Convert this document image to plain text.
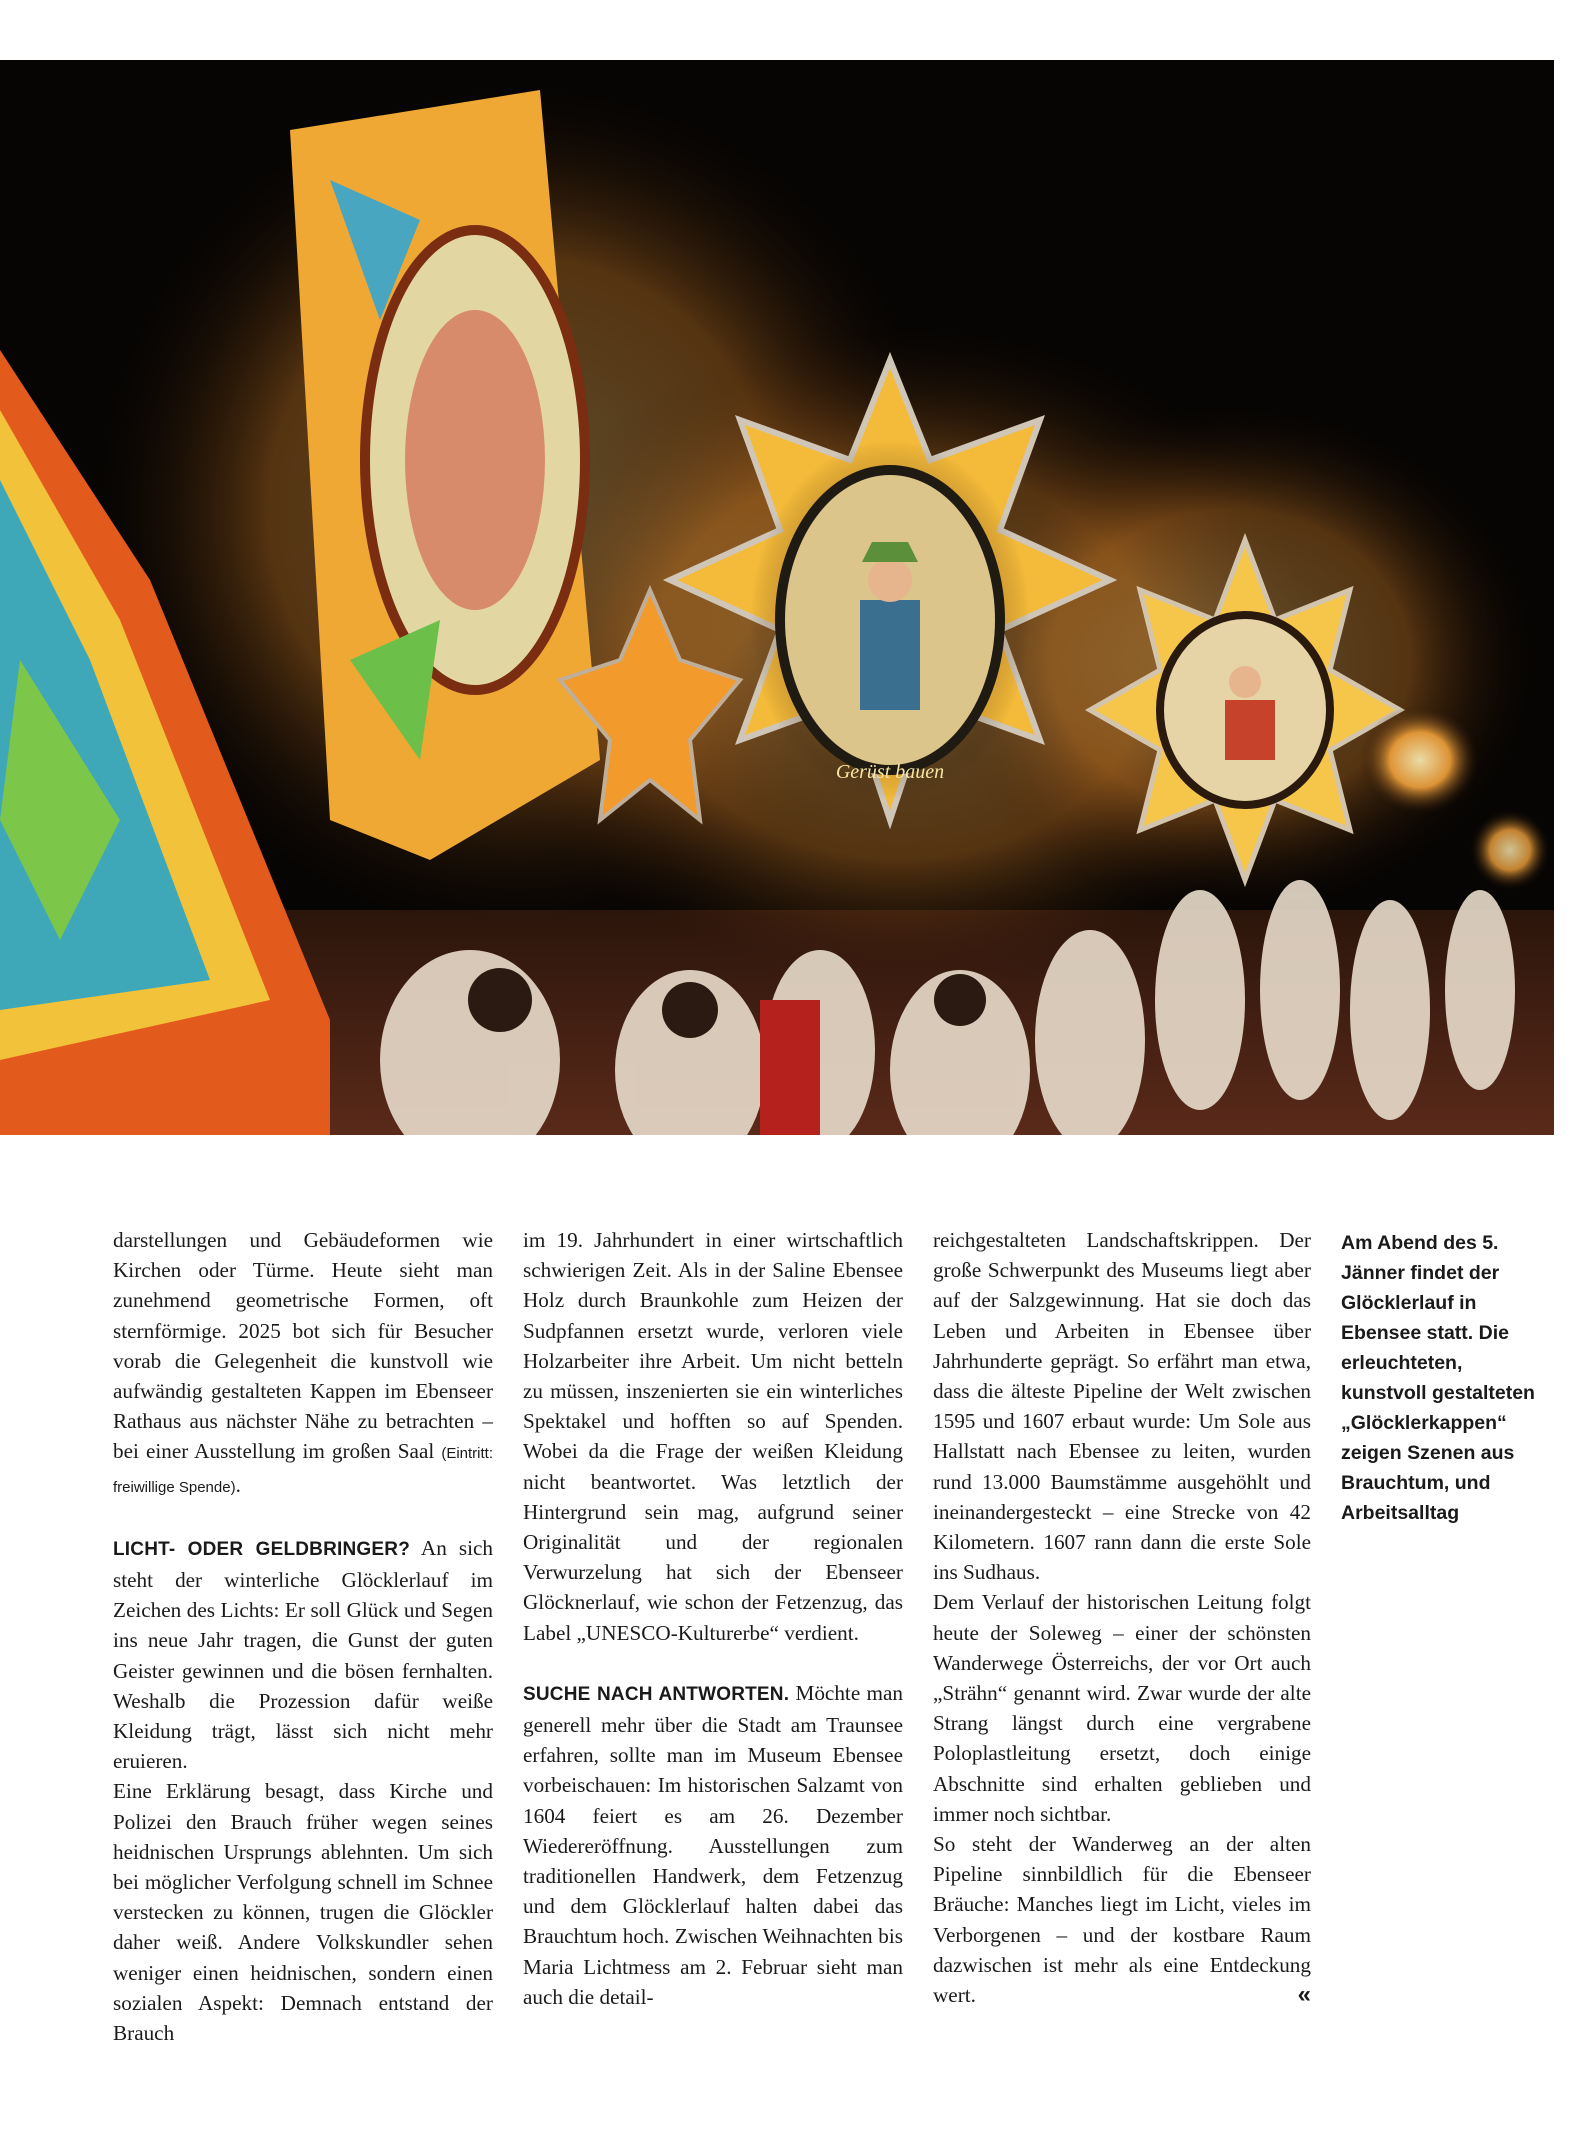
Gerüst bauen

darstellungen und Gebäudeformen wie Kirchen oder Türme. Heute sieht man zunehmend geometrische Formen, oft sternförmige. 2025 bot sich für Besucher vorab die Gelegenheit die kunstvoll wie aufwändig gestalteten Kappen im Ebenseer Rathaus aus nächster Nähe zu betrachten – bei einer Ausstellung im großen Saal (Eintritt: freiwillige Spende).

LICHT- ODER GELDBRINGER? An sich steht der winterliche Glöcklerlauf im Zeichen des Lichts: Er soll Glück und Segen ins neue Jahr tragen, die Gunst der guten Geister gewinnen und die bösen fernhalten. Weshalb die Prozession dafür weiße Kleidung trägt, lässt sich nicht mehr eruieren.

Eine Erklärung besagt, dass Kirche und Polizei den Brauch früher wegen seines heidnischen Ursprungs ablehnten. Um sich bei möglicher Verfolgung schnell im Schnee verstecken zu können, trugen die Glöckler daher weiß. Andere Volkskundler sehen weniger einen heidnischen, sondern einen sozialen Aspekt: Demnach entstand der Brauch

im 19. Jahrhundert in einer wirtschaftlich schwierigen Zeit. Als in der Saline Ebensee Holz durch Braunkohle zum Heizen der Sudpfannen ersetzt wurde, verloren viele Holzarbeiter ihre Arbeit. Um nicht betteln zu müssen, inszenierten sie ein winterliches Spektakel und hofften so auf Spenden. Wobei da die Frage der weißen Kleidung nicht beantwortet. Was letztlich der Hintergrund sein mag, aufgrund seiner Originalität und der regionalen Verwurzelung hat sich der Ebenseer Glöcknerlauf, wie schon der Fetzenzug, das Label „UNESCO-Kulturerbe“ verdient.

SUCHE NACH ANTWORTEN. Möchte man generell mehr über die Stadt am Traunsee erfahren, sollte man im Museum Ebensee vorbeischauen: Im historischen Salzamt von 1604 feiert es am 26. Dezember Wiedereröffnung. Ausstellungen zum traditionellen Handwerk, dem Fetzenzug und dem Glöcklerlauf halten dabei das Brauchtum hoch. Zwischen Weihnachten bis Maria Lichtmess am 2. Februar sieht man auch die detail-

reichgestalteten Landschaftskrippen. Der große Schwerpunkt des Museums liegt aber auf der Salzgewinnung. Hat sie doch das Leben und Arbeiten in Ebensee über Jahrhunderte geprägt. So erfährt man etwa, dass die älteste Pipeline der Welt zwischen 1595 und 1607 erbaut wurde: Um Sole aus Hallstatt nach Ebensee zu leiten, wurden rund 13.000 Baumstämme ausgehöhlt und ineinandergesteckt – eine Strecke von 42 Kilometern. 1607 rann dann die erste Sole ins Sudhaus.

Dem Verlauf der historischen Leitung folgt heute der Soleweg – einer der schönsten Wanderwege Österreichs, der vor Ort auch „Strähn“ genannt wird. Zwar wurde der alte Strang längst durch eine vergrabene Poloplastleitung ersetzt, doch einige Abschnitte sind erhalten geblieben und immer noch sichtbar.

So steht der Wanderweg an der alten Pipeline sinnbildlich für die Ebenseer Bräuche: Manches liegt im Licht, vieles im Verborgenen – und der kostbare Raum dazwischen ist mehr als eine Entdeckung wert.	«

Am Abend des 5. Jänner findet der Glöcklerlauf in Ebensee statt. Die erleuchteten, kunstvoll gestalteten „Glöcklerkappen“ zeigen Szenen aus Brauchtum, und Arbeitsalltag
